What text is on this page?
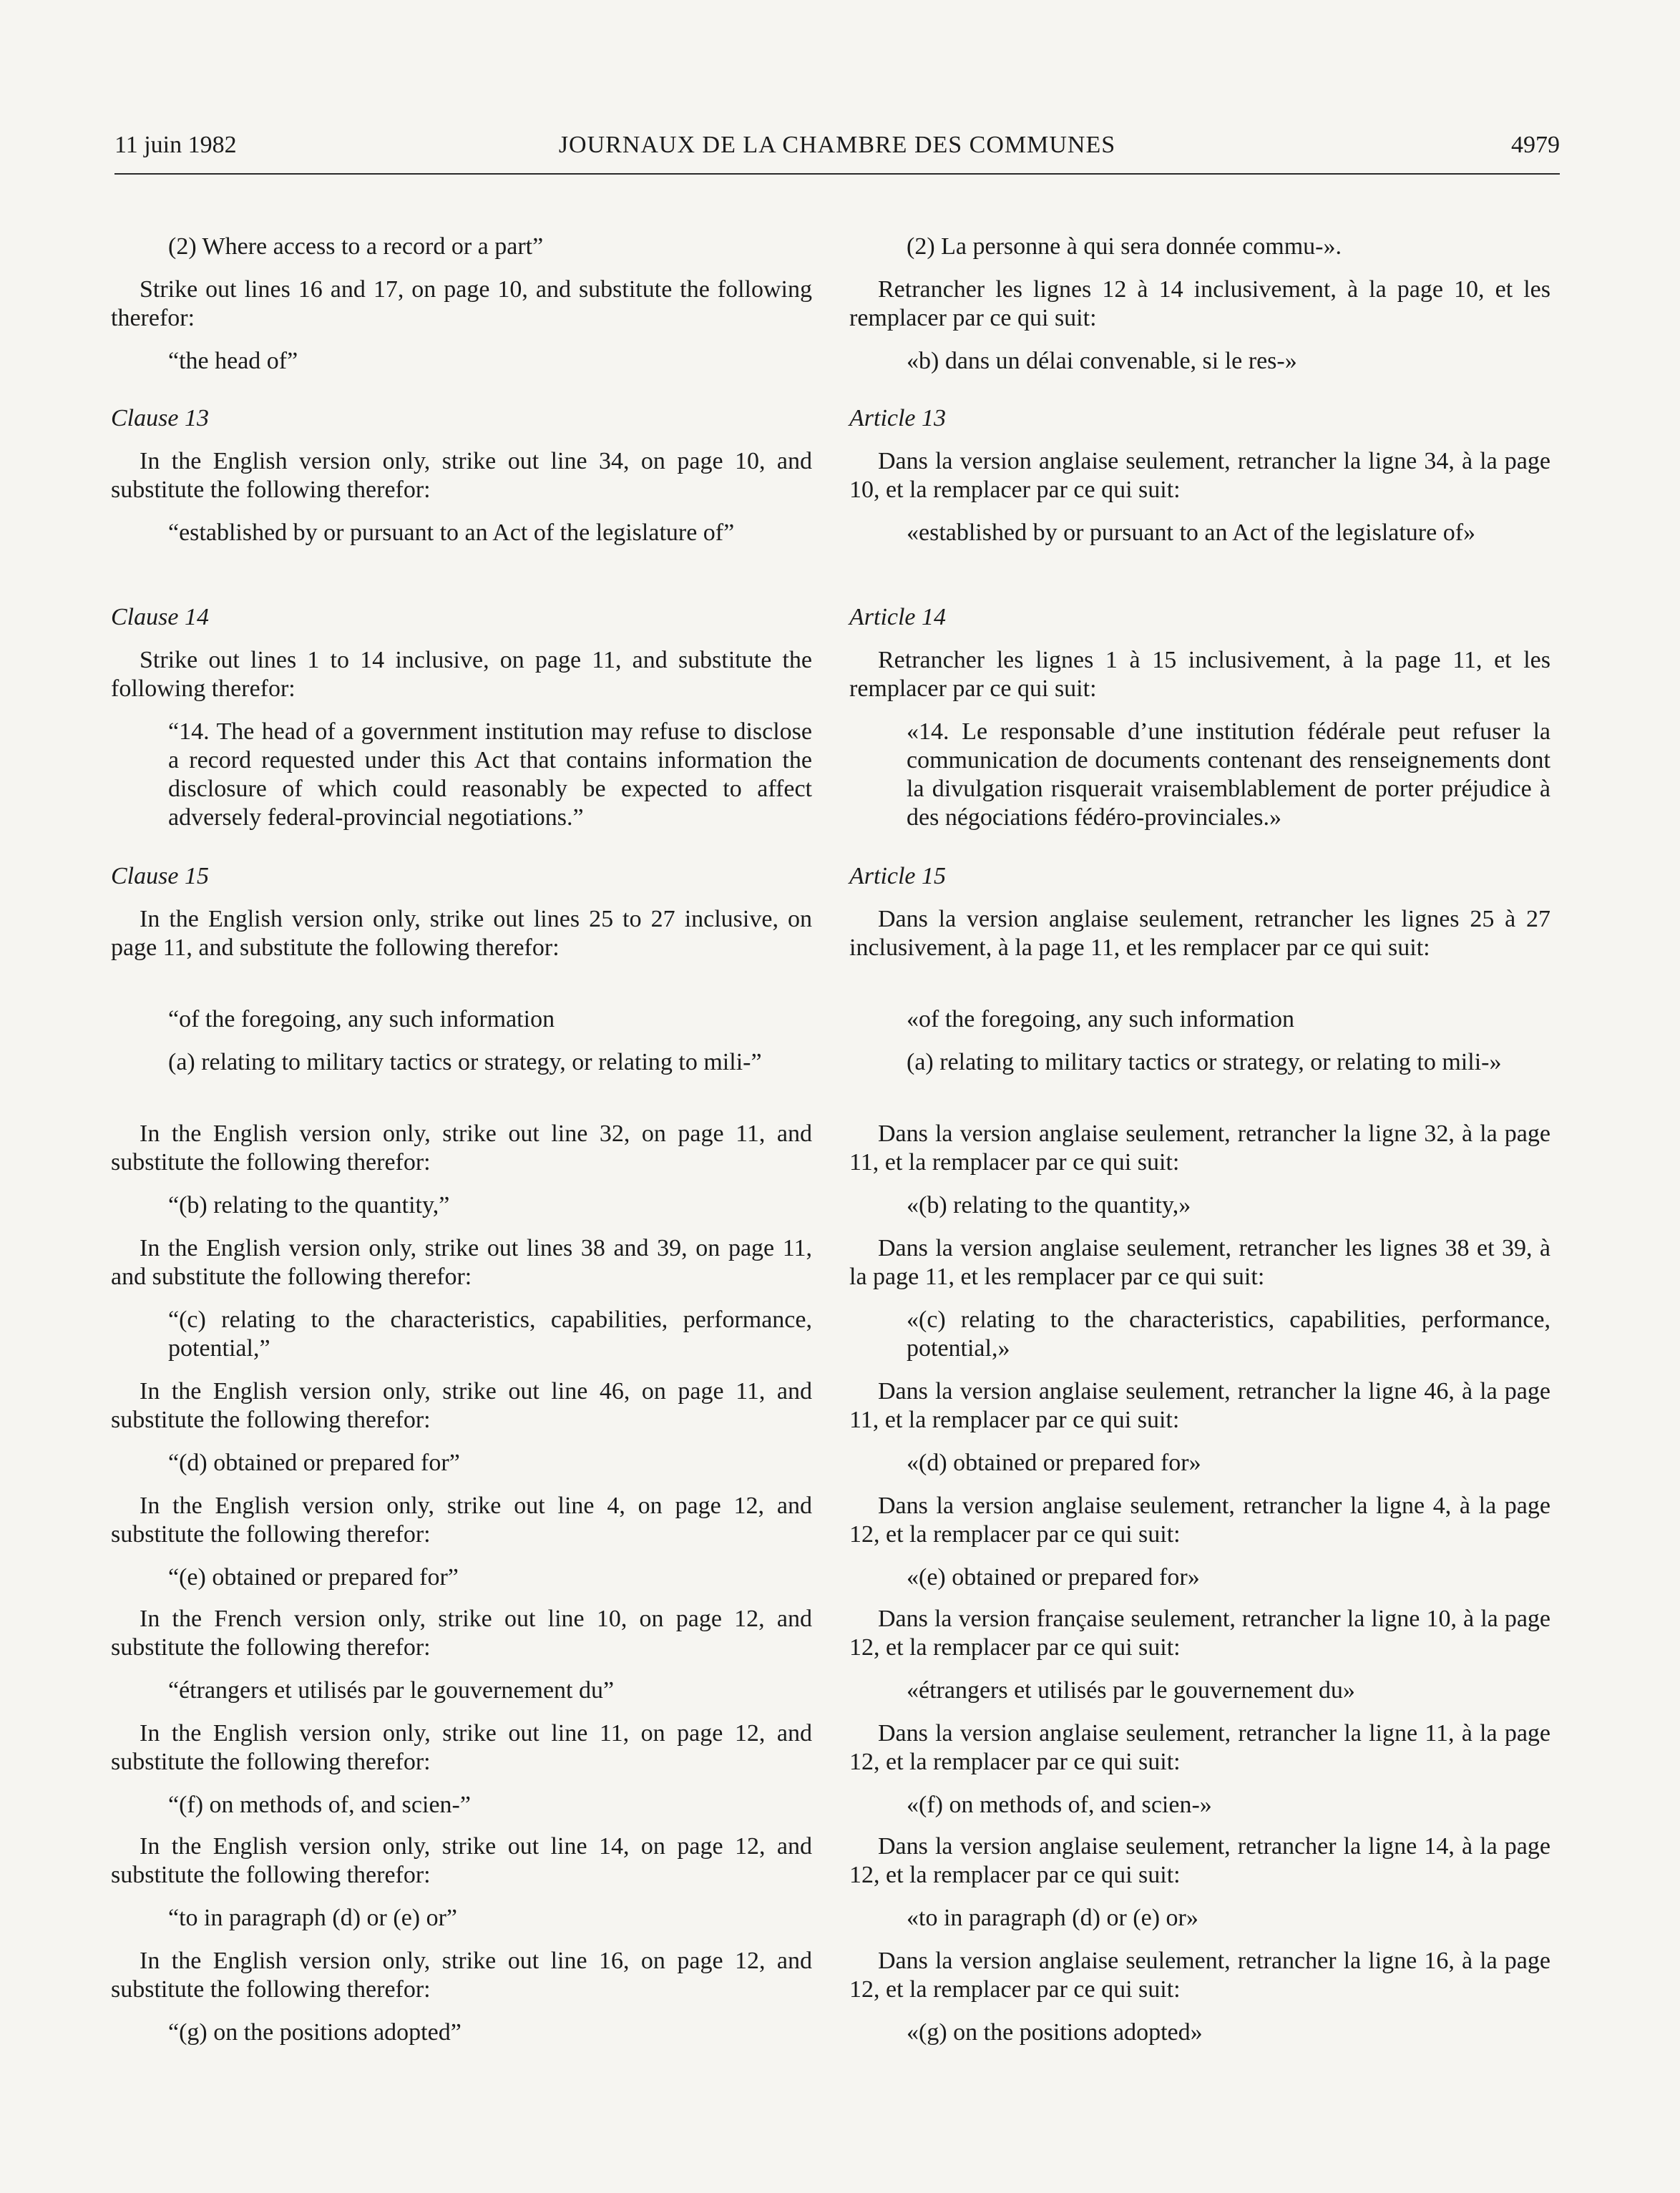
11 juin 1982	JOURNAUX DE LA CHAMBRE DES COMMUNES	4979

(2) Where access to a record or a part”

Strike out lines 16 and 17, on page 10, and substitute the following therefor:

“the head of”

Clause 13

In the English version only, strike out line 34, on page 10, and substitute the following therefor:

“established by or pursuant to an Act of the legislature of”

Clause 14

Strike out lines 1 to 14 inclusive, on page 11, and substitute the following therefor:

“14. The head of a government institution may refuse to disclose a record requested under this Act that contains information the disclosure of which could reasonably be expected to affect adversely federal-provincial negotiations.”

Clause 15

In the English version only, strike out lines 25 to 27 inclusive, on page 11, and substitute the following therefor:

“of the foregoing, any such information

(a) relating to military tactics or strategy, or relating to mili-”

In the English version only, strike out line 32, on page 11, and substitute the following therefor:

“(b) relating to the quantity,”

In the English version only, strike out lines 38 and 39, on page 11, and substitute the following therefor:

“(c) relating to the characteristics, capabilities, performance, potential,”

In the English version only, strike out line 46, on page 11, and substitute the following therefor:

“(d) obtained or prepared for”

In the English version only, strike out line 4, on page 12, and substitute the following therefor:

“(e) obtained or prepared for”

In the French version only, strike out line 10, on page 12, and substitute the following therefor:

“étrangers et utilisés par le gouvernement du”

In the English version only, strike out line 11, on page 12, and substitute the following therefor:

“(f) on methods of, and scien-”

In the English version only, strike out line 14, on page 12, and substitute the following therefor:

“to in paragraph (d) or (e) or”

In the English version only, strike out line 16, on page 12, and substitute the following therefor:

“(g) on the positions adopted”

(2) La personne à qui sera donnée commu-».

Retrancher les lignes 12 à 14 inclusivement, à la page 10, et les remplacer par ce qui suit:

«b) dans un délai convenable, si le res-»

Article 13

Dans la version anglaise seulement, retrancher la ligne 34, à la page 10, et la remplacer par ce qui suit:

«established by or pursuant to an Act of the legislature of»

Article 14

Retrancher les lignes 1 à 15 inclusivement, à la page 11, et les remplacer par ce qui suit:

«14. Le responsable d’une institution fédérale peut refuser la communication de documents contenant des renseignements dont la divulgation risquerait vraisemblablement de porter préjudice à des négociations fédéro-provinciales.»

Article 15

Dans la version anglaise seulement, retrancher les lignes 25 à 27 inclusivement, à la page 11, et les remplacer par ce qui suit:

«of the foregoing, any such information

(a) relating to military tactics or strategy, or relating to mili-»

Dans la version anglaise seulement, retrancher la ligne 32, à la page 11, et la remplacer par ce qui suit:

«(b) relating to the quantity,»

Dans la version anglaise seulement, retrancher les lignes 38 et 39, à la page 11, et les remplacer par ce qui suit:

«(c) relating to the characteristics, capabilities, performance, potential,»

Dans la version anglaise seulement, retrancher la ligne 46, à la page 11, et la remplacer par ce qui suit:

«(d) obtained or prepared for»

Dans la version anglaise seulement, retrancher la ligne 4, à la page 12, et la remplacer par ce qui suit:

«(e) obtained or prepared for»

Dans la version française seulement, retrancher la ligne 10, à la page 12, et la remplacer par ce qui suit:

«étrangers et utilisés par le gouvernement du»

Dans la version anglaise seulement, retrancher la ligne 11, à la page 12, et la remplacer par ce qui suit:

«(f) on methods of, and scien-»

Dans la version anglaise seulement, retrancher la ligne 14, à la page 12, et la remplacer par ce qui suit:

«to in paragraph (d) or (e) or»

Dans la version anglaise seulement, retrancher la ligne 16, à la page 12, et la remplacer par ce qui suit:

«(g) on the positions adopted»
